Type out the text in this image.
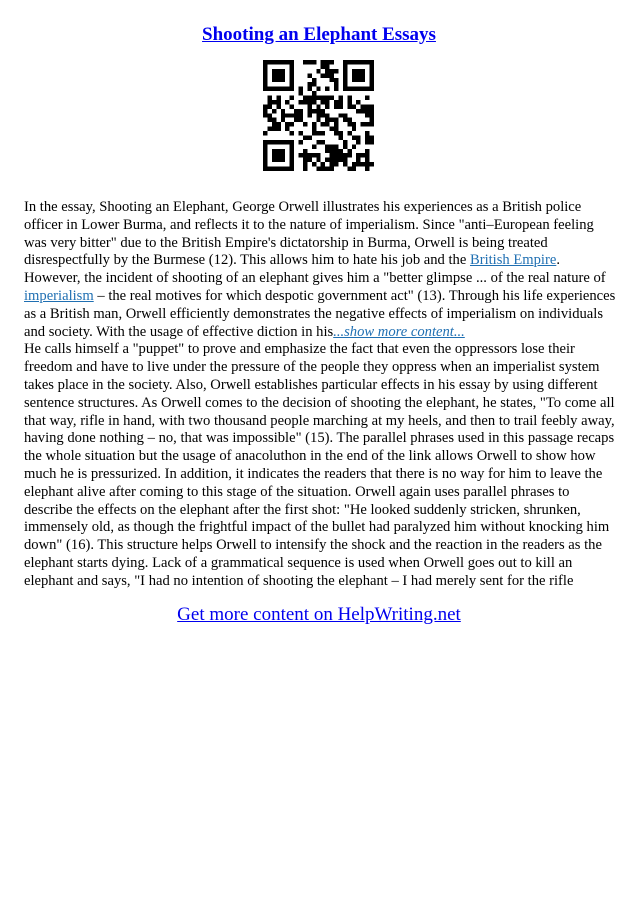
Shooting an Elephant Essays

In the essay, Shooting an Elephant, George Orwell illustrates his experiences as a British police officer in Lower Burma, and reflects it to the nature of imperialism. Since "anti–European feeling was very bitter" due to the British Empire's dictatorship in Burma, Orwell is being treated disrespectfully by the Burmese (12). This allows him to hate his job and the British Empire. However, the incident of shooting of an elephant gives him a "better glimpse ... of the real nature of imperialism – the real motives for which despotic government act" (13). Through his life experiences as a British man, Orwell efficiently demonstrates the negative effects of imperialism on individuals and society. With the usage of effective diction in his...show more content...

He calls himself a "puppet" to prove and emphasize the fact that even the oppressors lose their freedom and have to live under the pressure of the people they oppress when an imperialist system takes place in the society. Also, Orwell establishes particular effects in his essay by using different sentence structures. As Orwell comes to the decision of shooting the elephant, he states, "To come all that way, rifle in hand, with two thousand people marching at my heels, and then to trail feebly away, having done nothing – no, that was impossible" (15). The parallel phrases used in this passage recaps the whole situation but the usage of anacoluthon in the end of the link allows Orwell to show how much he is pressurized. In addition, it indicates the readers that there is no way for him to leave the elephant alive after coming to this stage of the situation. Orwell again uses parallel phrases to describe the effects on the elephant after the first shot: "He looked suddenly stricken, shrunken, immensely old, as though the frightful impact of the bullet had paralyzed him without knocking him down" (16). This structure helps Orwell to intensify the shock and the reaction in the readers as the elephant starts dying. Lack of a grammatical sequence is used when Orwell goes out to kill an elephant and says, "I had no intention of shooting the elephant – I had merely sent for the rifle

Get more content on HelpWriting.net
